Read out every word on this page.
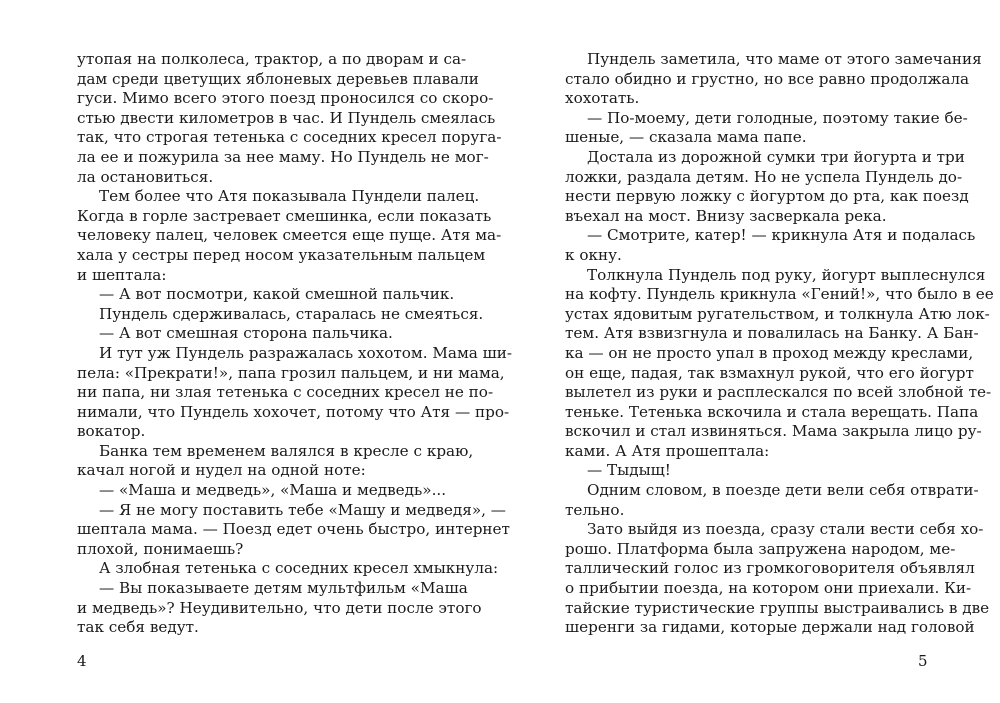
утопая на полколеса, трактор, а по дворам и са-
дам среди цветущих яблоневых деревьев плавали
гуси. Мимо всего этого поезд проносился со скоро-
стью двести километров в час. И Пундель смеялась
так, что строгая тетенька с соседних кресел поруга-
ла ее и пожурила за нее маму. Но Пундель не мог-
ла остановиться.
Тем более что Атя показывала Пундели палец.
Когда в горле застревает смешинка, если показать
человеку палец, человек смеется еще пуще. Атя ма-
хала у сестры перед носом указательным пальцем
и шептала:
— А вот посмотри, какой смешной пальчик.
Пундель сдерживалась, старалась не смеяться.
— А вот смешная сторона пальчика.
И тут уж Пундель разражалась хохотом. Мама ши-
пела: «Прекрати!», папа грозил пальцем, и ни мама,
ни папа, ни злая тетенька с соседних кресел не по-
нимали, что Пундель хохочет, потому что Атя — про-
вокатор.
Банка тем временем валялся в кресле с краю,
качал ногой и нудел на одной ноте:
— «Маша и медведь», «Маша и медведь»...
— Я не могу поставить тебе «Машу и медведя», —
шептала мама. — Поезд едет очень быстро, интернет
плохой, понимаешь?
А злобная тетенька с соседних кресел хмыкнула:
— Вы показываете детям мультфильм «Маша
и медведь»? Неудивительно, что дети после этого
так себя ведут.
4
Пундель заметила, что маме от этого замечания
стало обидно и грустно, но все равно продолжала
хохотать.
— По-моему, дети голодные, поэтому такие бе-
шеные, — сказала мама папе.
Достала из дорожной сумки три йогурта и три
ложки, раздала детям. Но не успела Пундель до-
нести первую ложку с йогуртом до рта, как поезд
въехал на мост. Внизу засверкала река.
— Смотрите, катер! — крикнула Атя и подалась
к окну.
Толкнула Пундель под руку, йогурт выплеснулся
на кофту. Пундель крикнула «Гений!», что было в ее
устах ядовитым ругательством, и толкнула Атю лок-
тем. Атя взвизгнула и повалилась на Банку. А Бан-
ка — он не просто упал в проход между креслами,
он еще, падая, так взмахнул рукой, что его йогурт
вылетел из руки и расплескался по всей злобной те-
теньке. Тетенька вскочила и стала верещать. Папа
вскочил и стал извиняться. Мама закрыла лицо ру-
ками. А Атя прошептала:
— Тыдыщ!
Одним словом, в поезде дети вели себя отврати-
тельно.
Зато выйдя из поезда, сразу стали вести себя хо-
рошо. Платформа была запружена народом, ме-
таллический голос из громкоговорителя объявлял
о прибытии поезда, на котором они приехали. Ки-
тайские туристические группы выстраивались в две
шеренги за гидами, которые держали над головой
5
